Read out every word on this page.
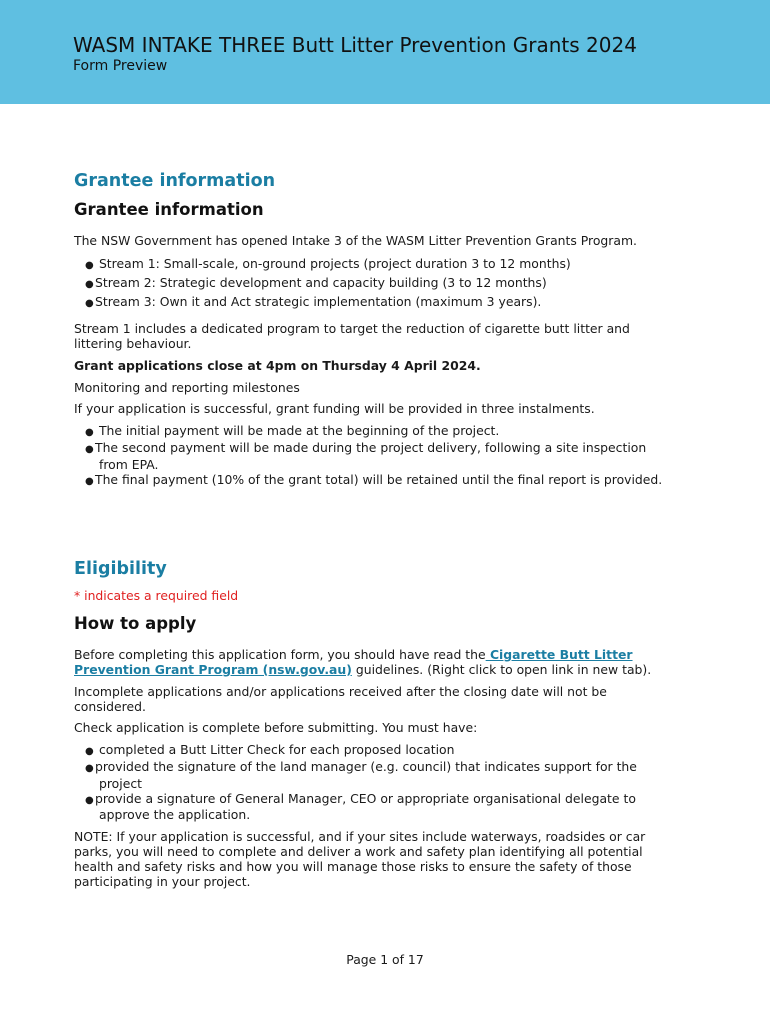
WASM INTAKE THREE Butt Litter Prevention Grants 2024
Form Preview
Grantee information
Grantee information

The NSW Government has opened Intake 3 of the WASM Litter Prevention Grants Program.

● Stream 1: Small-scale, on-ground projects (project duration 3 to 12 months)
●Stream 2: Strategic development and capacity building (3 to 12 months)
●Stream 3: Own it and Act strategic implementation (maximum 3 years).

Stream 1 includes a dedicated program to target the reduction of cigarette butt litter and littering behaviour.

Grant applications close at 4pm on Thursday 4 April 2024.

Monitoring and reporting milestones

If your application is successful, grant funding will be provided in three instalments.

● The initial payment will be made at the beginning of the project.
●The second payment will be made during the project delivery, following a site inspection from EPA.
●The final payment (10% of the grant total) will be retained until the final report is provided.
Eligibility

* indicates a required field

How to apply

Before completing this application form, you should have read the Cigarette Butt Litter Prevention Grant Program (nsw.gov.au) guidelines. (Right click to open link in new tab).

Incomplete applications and/or applications received after the closing date will not be considered.

Check application is complete before submitting. You must have:

● completed a Butt Litter Check for each proposed location
●provided the signature of the land manager (e.g. council) that indicates support for the project
●provide a signature of General Manager, CEO or appropriate organisational delegate to approve the application.

NOTE: If your application is successful, and if your sites include waterways, roadsides or car parks, you will need to complete and deliver a work and safety plan identifying all potential health and safety risks and how you will manage those risks to ensure the safety of those participating in your project.

Page 1 of 17
